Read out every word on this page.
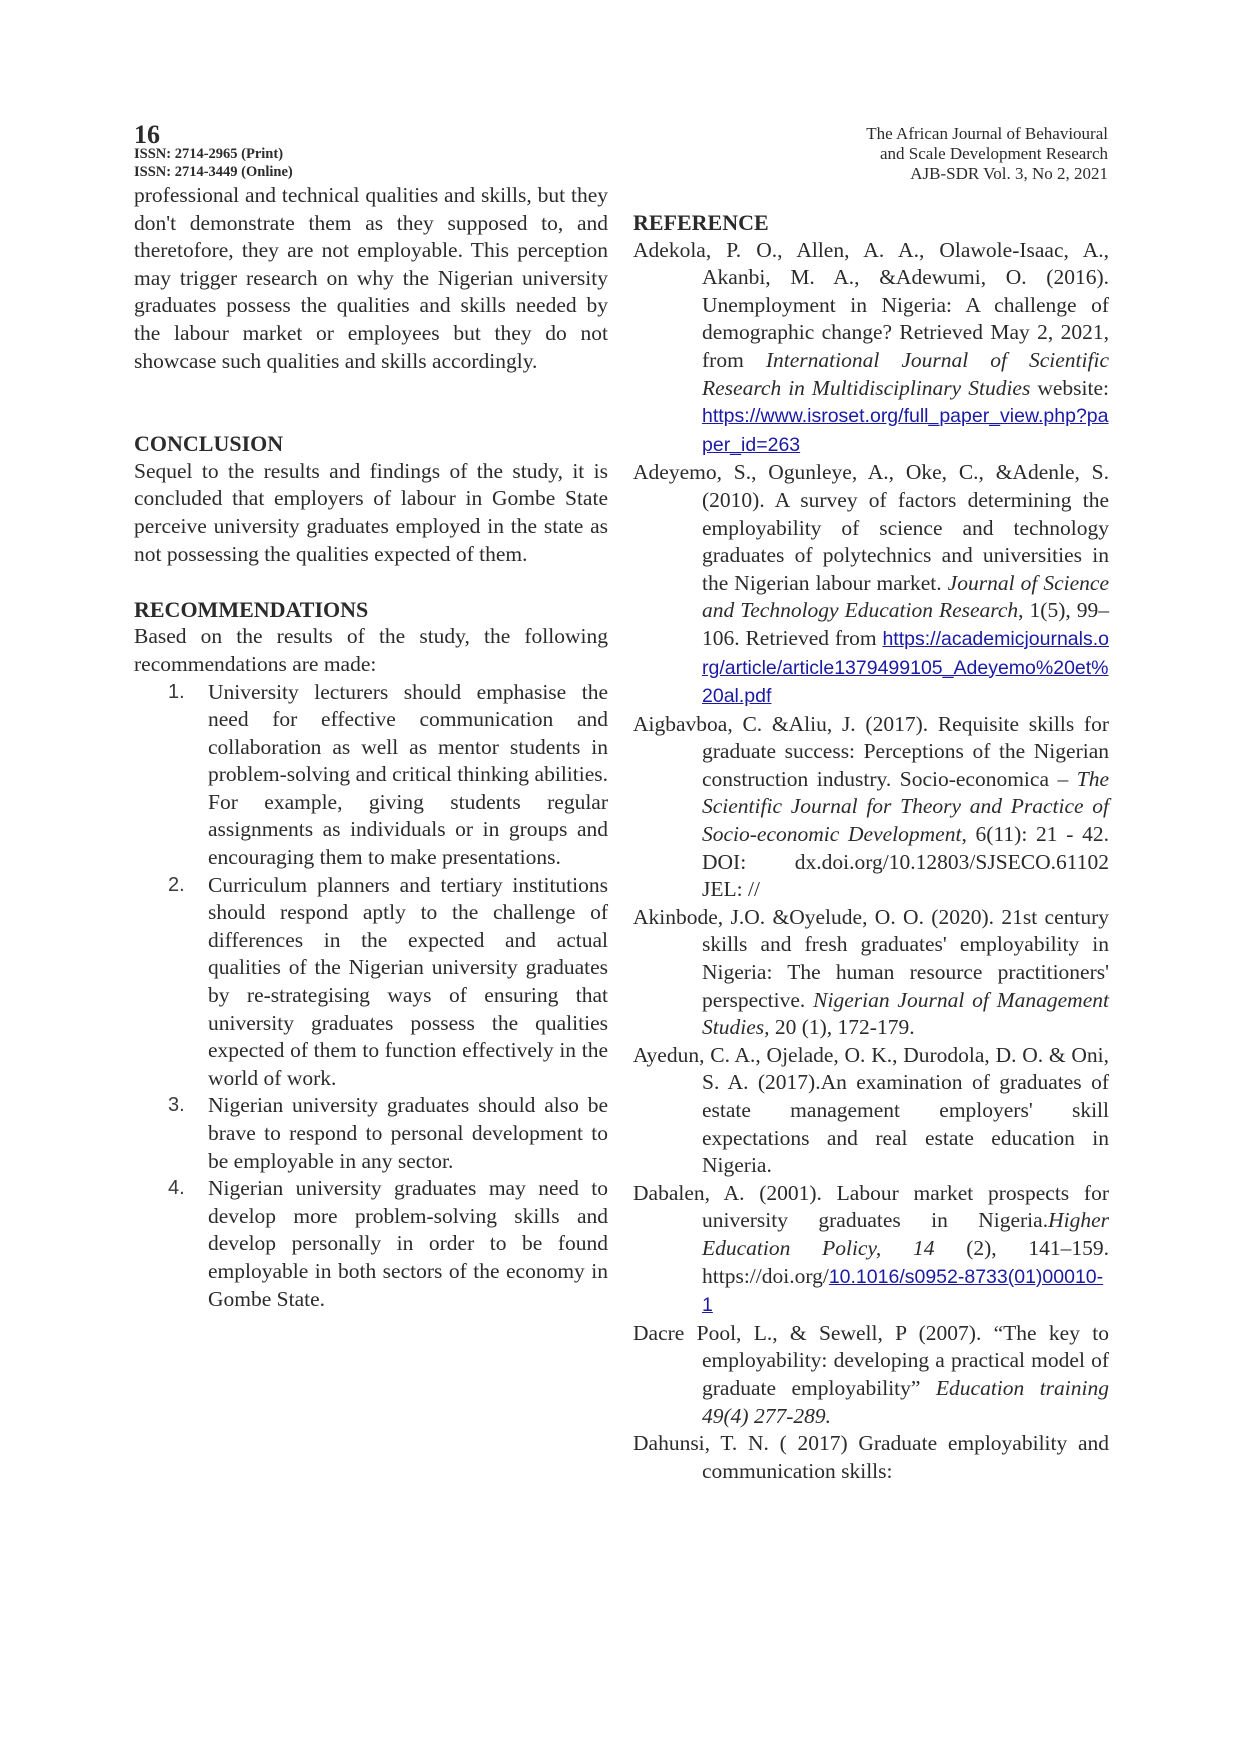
16
ISSN: 2714-2965 (Print)
ISSN: 2714-3449 (Online)
The African Journal of Behavioural
and Scale Development Research
AJB-SDR Vol. 3, No 2, 2021

professional and technical qualities and skills, but they don't demonstrate them as they supposed to, and theretofore, they are not employable. This perception may trigger research on why the Nigerian university graduates possess the qualities and skills needed by the labour market or employees but they do not showcase such qualities and skills accordingly.

CONCLUSION

Sequel to the results and findings of the study, it is concluded that employers of labour in Gombe State perceive university graduates employed in the state as not possessing the qualities expected of them.

RECOMMENDATIONS

Based on the results of the study, the following recommendations are made:

1. University lecturers should emphasise the need for effective communication and collaboration as well as mentor students in problem-solving and critical thinking abilities. For example, giving students regular assignments as individuals or in groups and encouraging them to make presentations.
2. Curriculum planners and tertiary institutions should respond aptly to the challenge of differences in the expected and actual qualities of the Nigerian university graduates by re-strategising ways of ensuring that university graduates possess the qualities expected of them to function effectively in the world of work.
3. Nigerian university graduates should also be brave to respond to personal development to be employable in any sector.
4. Nigerian university graduates may need to develop more problem-solving skills and develop personally in order to be found employable in both sectors of the economy in Gombe State.
REFERENCE

Adekola, P. O., Allen, A. A., Olawole-Isaac, A., Akanbi, M. A., &Adewumi, O. (2016). Unemployment in Nigeria: A challenge of demographic change? Retrieved May 2, 2021, from International Journal of Scientific Research in Multidisciplinary Studies website: https://www.isroset.org/full_paper_view.php?paper_id=263

Adeyemo, S., Ogunleye, A., Oke, C., &Adenle, S. (2010). A survey of factors determining the employability of science and technology graduates of polytechnics and universities in the Nigerian labour market. Journal of Science and Technology Education Research, 1(5), 99–106. Retrieved from https://academicjournals.org/article/article1379499105_Adeyemo%20et%20al.pdf

Aigbavboa, C. &Aliu, J. (2017). Requisite skills for graduate success: Perceptions of the Nigerian construction industry. Socio-economica – The Scientific Journal for Theory and Practice of Socio-economic Development, 6(11): 21 - 42. DOI: dx.doi.org/10.12803/SJSECO.61102 JEL: //

Akinbode, J.O. &Oyelude, O. O. (2020). 21st century skills and fresh graduates' employability in Nigeria: The human resource practitioners' perspective. Nigerian Journal of Management Studies, 20 (1), 172-179.

Ayedun, C. A., Ojelade, O. K., Durodola, D. O. & Oni, S. A. (2017).An examination of graduates of estate management employers' skill expectations and real estate education in Nigeria.

Dabalen, A. (2001). Labour market prospects for university graduates in Nigeria.Higher Education Policy, 14 (2), 141–159. https://doi.org/10.1016/s0952-8733(01)00010-1

Dacre Pool, L., & Sewell, P (2007). “The key to employability: developing a practical model of graduate employability” Education training 49(4) 277-289.

Dahunsi, T. N. ( 2017) Graduate employability and communication skills:
